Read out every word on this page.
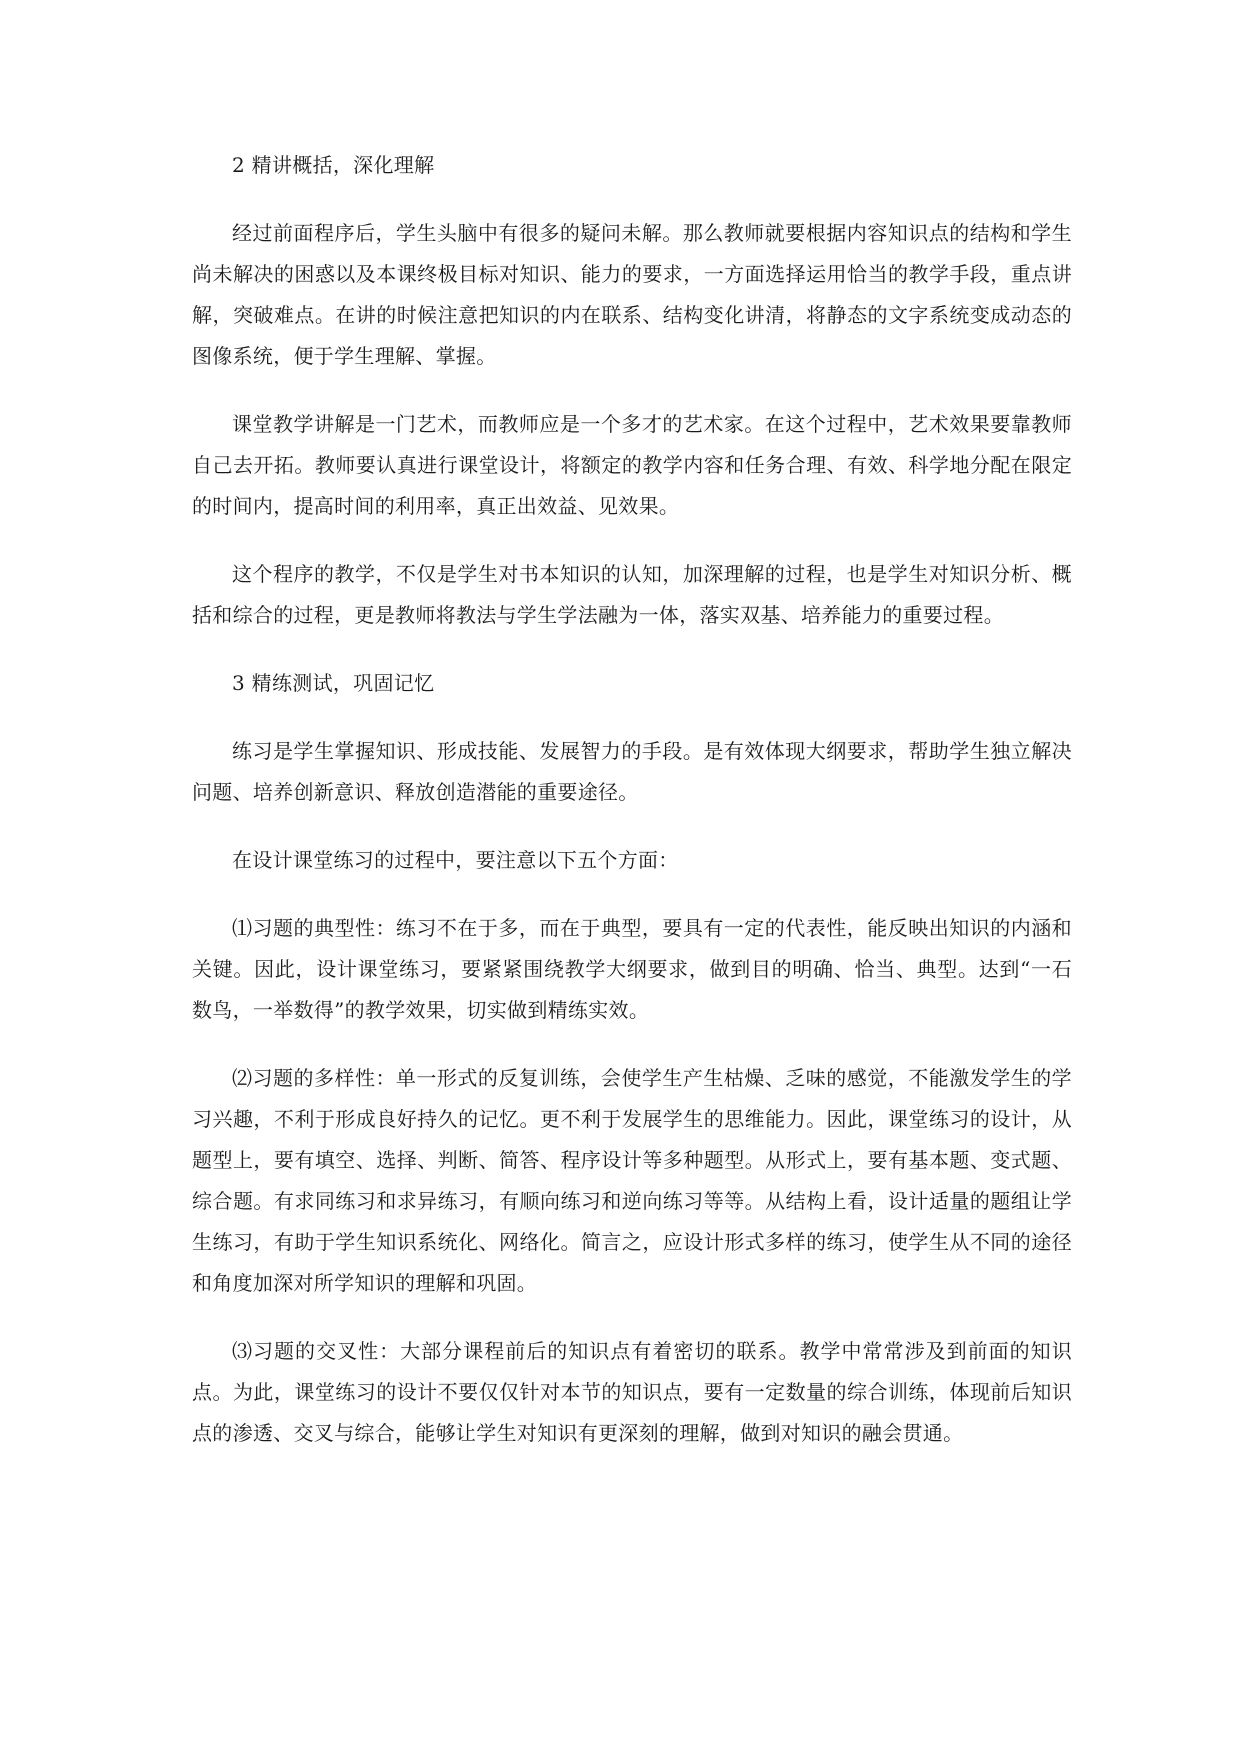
2 精讲概括，深化理解

经过前面程序后，学生头脑中有很多的疑问未解。那么教师就要根据内容知识点的结构和学生尚未解决的困惑以及本课终极目标对知识、能力的要求，一方面选择运用恰当的教学手段，重点讲解，突破难点。在讲的时候注意把知识的内在联系、结构变化讲清，将静态的文字系统变成动态的图像系统，便于学生理解、掌握。

课堂教学讲解是一门艺术，而教师应是一个多才的艺术家。在这个过程中，艺术效果要靠教师自己去开拓。教师要认真进行课堂设计，将额定的教学内容和任务合理、有效、科学地分配在限定的时间内，提高时间的利用率，真正出效益、见效果。

这个程序的教学，不仅是学生对书本知识的认知，加深理解的过程，也是学生对知识分析、概括和综合的过程，更是教师将教法与学生学法融为一体，落实双基、培养能力的重要过程。

3 精练测试，巩固记忆

练习是学生掌握知识、形成技能、发展智力的手段。是有效体现大纲要求，帮助学生独立解决问题、培养创新意识、释放创造潜能的重要途径。

在设计课堂练习的过程中，要注意以下五个方面：

⑴习题的典型性：练习不在于多，而在于典型，要具有一定的代表性，能反映出知识的内涵和关键。因此，设计课堂练习，要紧紧围绕教学大纲要求，做到目的明确、恰当、典型。达到“一石数鸟，一举数得”的教学效果，切实做到精练实效。

⑵习题的多样性：单一形式的反复训练，会使学生产生枯燥、乏味的感觉，不能激发学生的学习兴趣，不利于形成良好持久的记忆。更不利于发展学生的思维能力。因此，课堂练习的设计，从题型上，要有填空、选择、判断、简答、程序设计等多种题型。从形式上，要有基本题、变式题、综合题。有求同练习和求异练习，有顺向练习和逆向练习等等。从结构上看，设计适量的题组让学生练习，有助于学生知识系统化、网络化。简言之，应设计形式多样的练习，使学生从不同的途径和角度加深对所学知识的理解和巩固。

⑶习题的交叉性：大部分课程前后的知识点有着密切的联系。教学中常常涉及到前面的知识点。为此，课堂练习的设计不要仅仅针对本节的知识点，要有一定数量的综合训练，体现前后知识点的渗透、交叉与综合，能够让学生对知识有更深刻的理解，做到对知识的融会贯通。
